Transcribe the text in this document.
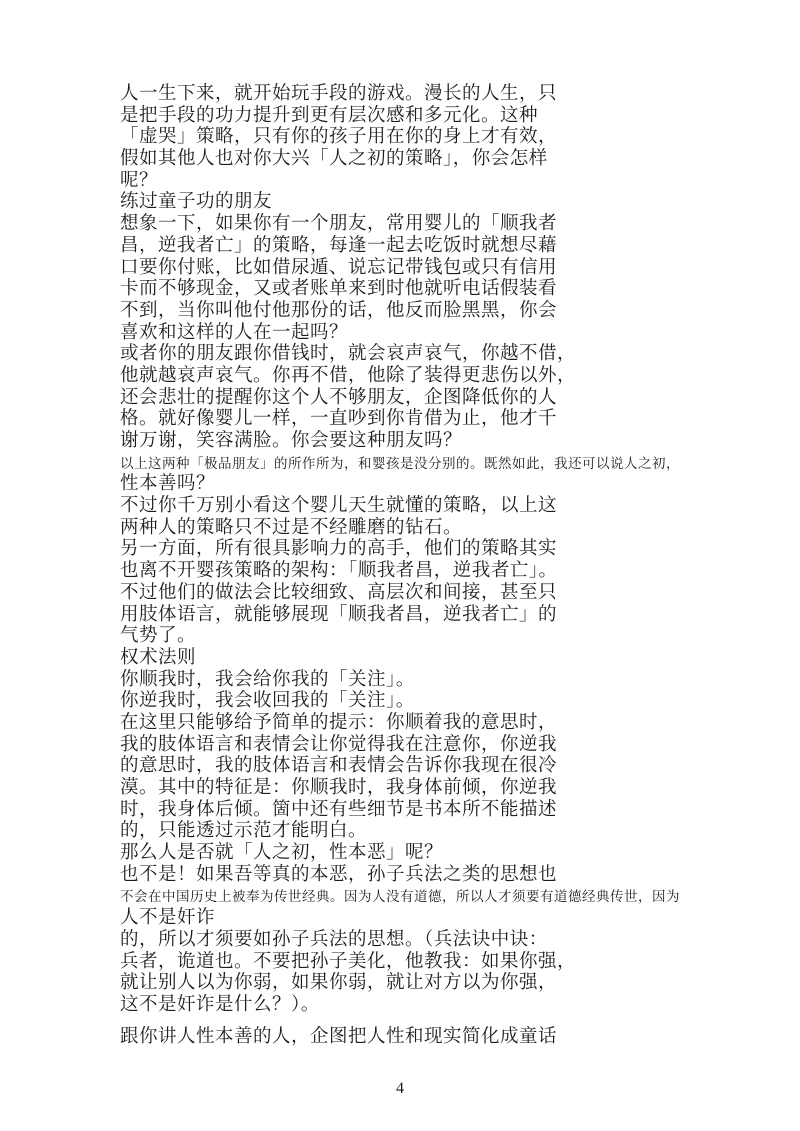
人一生下来，就开始玩手段的游戏。漫长的人生，只
是把手段的功力提升到更有层次感和多元化。这种
「虚哭」策略，只有你的孩子用在你的身上才有效，
假如其他人也对你大兴「人之初的策略」，你会怎样
呢？
练过童子功的朋友
想象一下，如果你有一个朋友，常用婴儿的「顺我者
昌，逆我者亡」的策略，每逢一起去吃饭时就想尽藉
口要你付账，比如借尿遁、说忘记带钱包或只有信用
卡而不够现金，又或者账单来到时他就听电话假装看
不到，当你叫他付他那份的话，他反而脸黑黑，你会
喜欢和这样的人在一起吗？
或者你的朋友跟你借钱时，就会哀声哀气，你越不借，
他就越哀声哀气。你再不借，他除了装得更悲伤以外，
还会悲壮的提醒你这个人不够朋友，企图降低你的人
格。就好像婴儿一样，一直吵到你肯借为止，他才千
谢万谢，笑容满脸。你会要这种朋友吗？
以上这两种「极品朋友」的所作所为，和婴孩是没分别的。既然如此，我还可以说人之初，
性本善吗？
不过你千万别小看这个婴儿天生就懂的策略，以上这
两种人的策略只不过是不经雕磨的钻石。
另一方面，所有很具影响力的高手，他们的策略其实
也离不开婴孩策略的架构：「顺我者昌，逆我者亡」。
不过他们的做法会比较细致、高层次和间接，甚至只
用肢体语言，就能够展现「顺我者昌，逆我者亡」的
气势了。
权术法则
你顺我时，我会给你我的「关注」。
你逆我时，我会收回我的「关注」。
在这里只能够给予简单的提示：你顺着我的意思时，
我的肢体语言和表情会让你觉得我在注意你，你逆我
的意思时，我的肢体语言和表情会告诉你我现在很冷
漠。其中的特征是：你顺我时，我身体前倾，你逆我
时，我身体后倾。箇中还有些细节是书本所不能描述
的，只能透过示范才能明白。
那么人是否就「人之初，性本恶」呢？
也不是！如果吾等真的本恶，孙子兵法之类的思想也
不会在中国历史上被奉为传世经典。因为人没有道德，所以人才须要有道德经典传世，因为
人不是奸诈
的，所以才须要如孙子兵法的思想。（兵法诀中诀：
兵者，诡道也。不要把孙子美化，他教我：如果你强，
就让别人以为你弱，如果你弱，就让对方以为你强，
这不是奸诈是什么？）。
跟你讲人性本善的人，企图把人性和现实简化成童话
4
